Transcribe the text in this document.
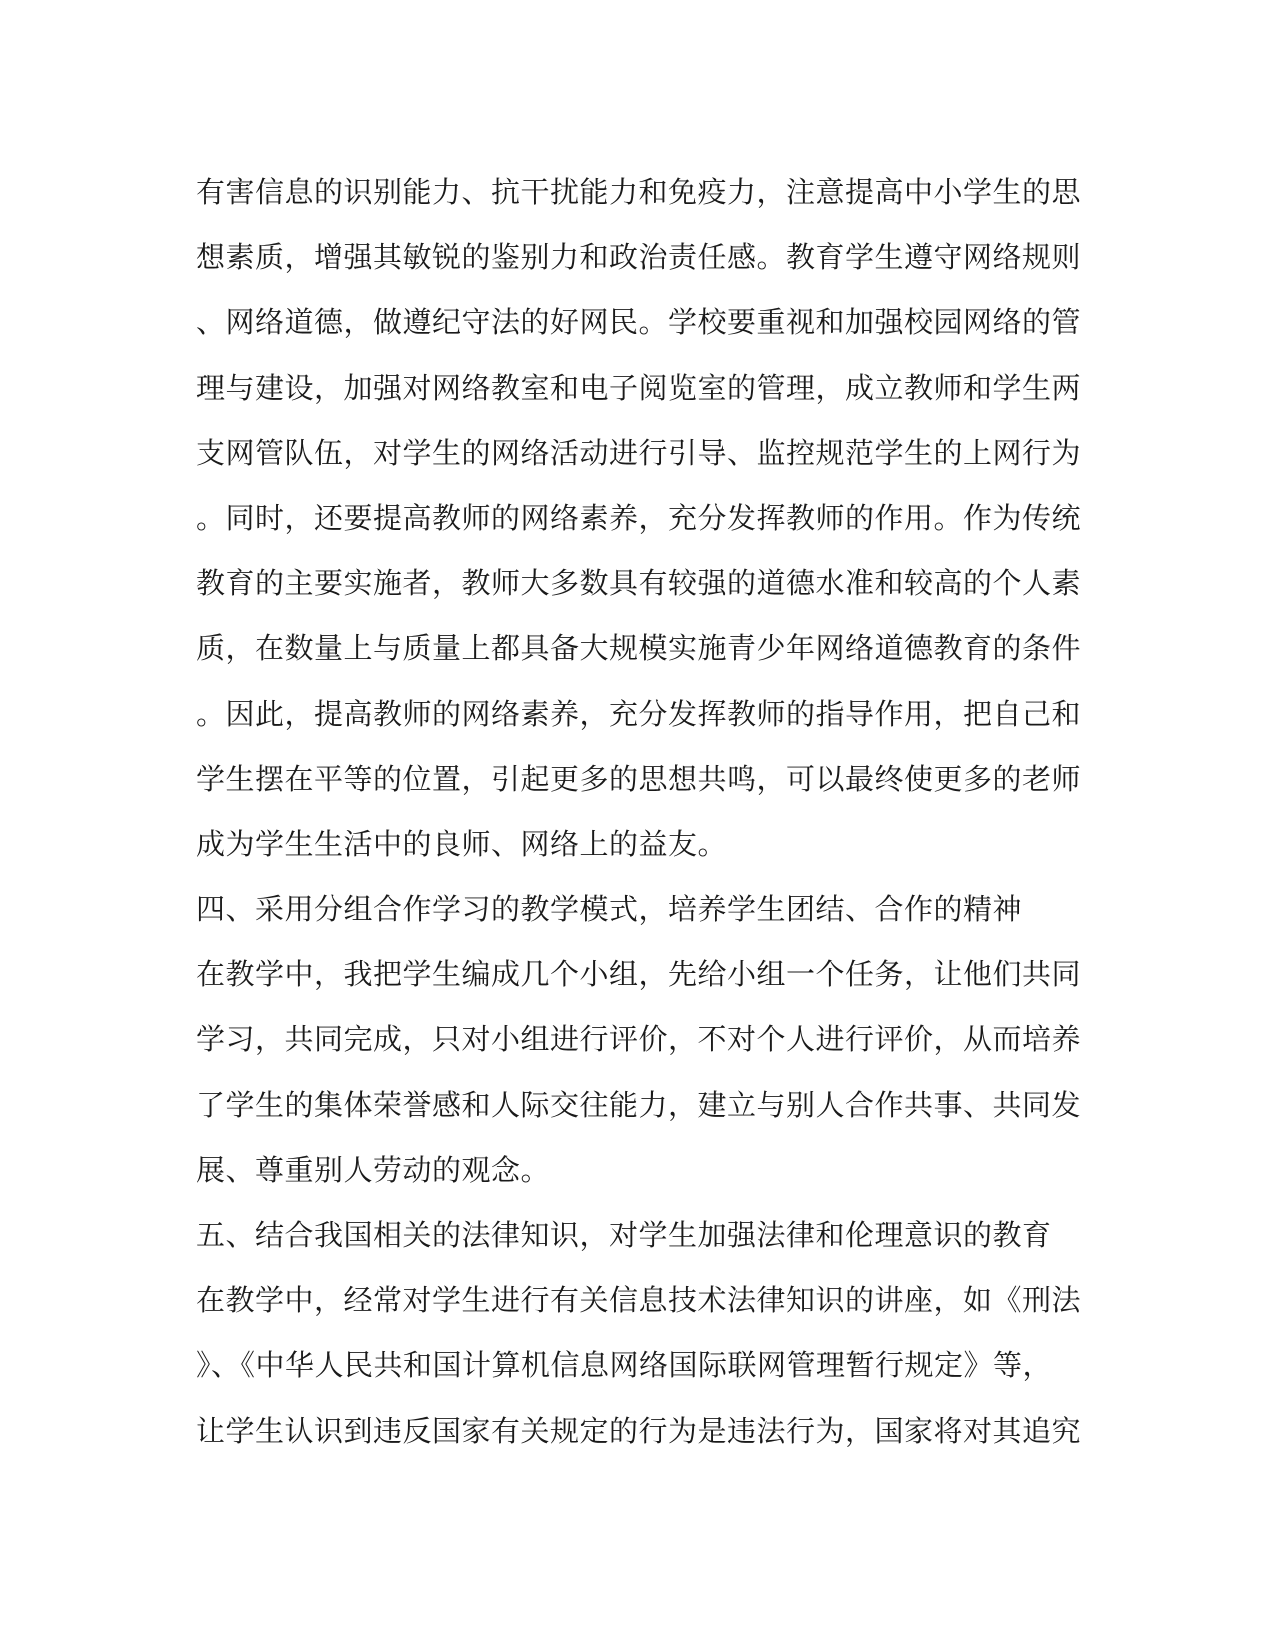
有害信息的识别能力、抗干扰能力和免疫力，注意提高中小学生的思
想素质，增强其敏锐的鉴别力和政治责任感。教育学生遵守网络规则
、网络道德，做遵纪守法的好网民。学校要重视和加强校园网络的管
理与建设，加强对网络教室和电子阅览室的管理，成立教师和学生两
支网管队伍，对学生的网络活动进行引导、监控规范学生的上网行为
。同时，还要提高教师的网络素养，充分发挥教师的作用。作为传统
教育的主要实施者，教师大多数具有较强的道德水准和较高的个人素
质，在数量上与质量上都具备大规模实施青少年网络道德教育的条件
。因此，提高教师的网络素养，充分发挥教师的指导作用，把自己和
学生摆在平等的位置，引起更多的思想共鸣，可以最终使更多的老师
成为学生生活中的良师、网络上的益友。
四、采用分组合作学习的教学模式，培养学生团结、合作的精神
在教学中，我把学生编成几个小组，先给小组一个任务，让他们共同
学习，共同完成，只对小组进行评价，不对个人进行评价，从而培养
了学生的集体荣誉感和人际交往能力，建立与别人合作共事、共同发
展、尊重别人劳动的观念。
五、结合我国相关的法律知识，对学生加强法律和伦理意识的教育
在教学中，经常对学生进行有关信息技术法律知识的讲座，如《刑法
》、《中华人民共和国计算机信息网络国际联网管理暂行规定》等，
让学生认识到违反国家有关规定的行为是违法行为，国家将对其追究
